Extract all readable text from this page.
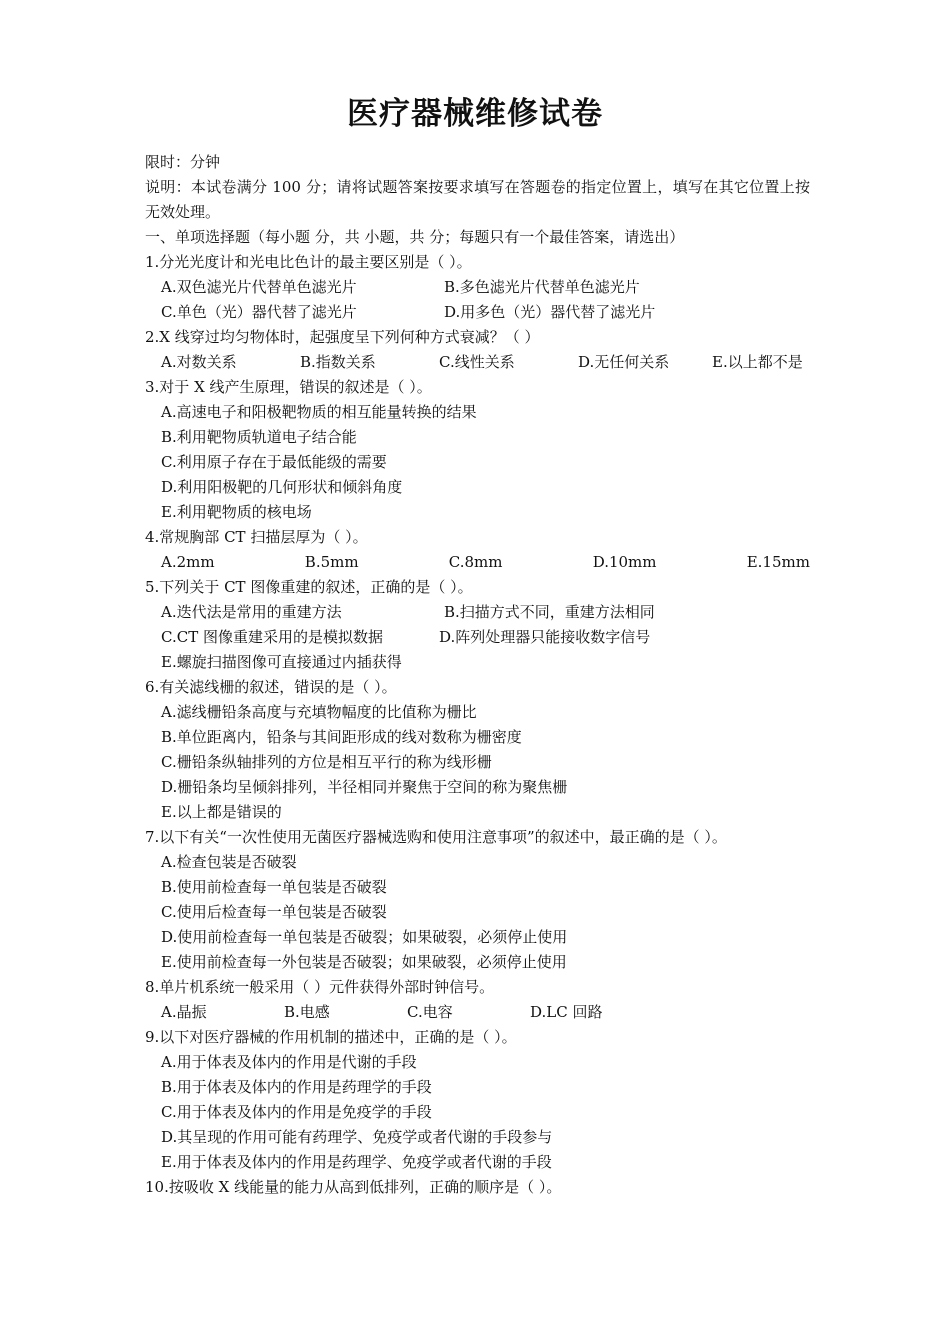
医疗器械维修试卷
限时：分钟
说明：本试卷满分 100 分；请将试题答案按要求填写在答题卷的指定位置上，填写在其它位置上按无效处理。
一、单项选择题（每小题 分，共 小题，共 分；每题只有一个最佳答案，请选出）
1.分光光度计和光电比色计的最主要区别是（ ）。
A.双色滤光片代替单色滤光片	B.多色滤光片代替单色滤光片
C.单色（光）器代替了滤光片	D.用多色（光）器代替了滤光片
2.X 线穿过均匀物体时，起强度呈下列何种方式衰减？（ ）
A.对数关系	B.指数关系	C.线性关系	D.无任何关系	E.以上都不是
3.对于 X 线产生原理，错误的叙述是（ ）。
A.高速电子和阳极靶物质的相互能量转换的结果
B.利用靶物质轨道电子结合能
C.利用原子存在于最低能级的需要
D.利用阳极靶的几何形状和倾斜角度
E.利用靶物质的核电场
4.常规胸部 CT 扫描层厚为（ ）。
A.2mm	B.5mm	C.8mm	D.10mm	E.15mm
5.下列关于 CT 图像重建的叙述，正确的是（ ）。
A.迭代法是常用的重建方法	B.扫描方式不同，重建方法相同
C.CT 图像重建采用的是模拟数据	D.阵列处理器只能接收数字信号
E.螺旋扫描图像可直接通过内插获得
6.有关滤线栅的叙述，错误的是（ ）。
A.滤线栅铅条高度与充填物幅度的比值称为栅比
B.单位距离内，铅条与其间距形成的线对数称为栅密度
C.栅铅条纵轴排列的方位是相互平行的称为线形栅
D.栅铅条均呈倾斜排列，半径相同并聚焦于空间的称为聚焦栅
E.以上都是错误的
7.以下有关“一次性使用无菌医疗器械选购和使用注意事项”的叙述中，最正确的是（ ）。
A.检查包装是否破裂
B.使用前检查每一单包装是否破裂
C.使用后检查每一单包装是否破裂
D.使用前检查每一单包装是否破裂；如果破裂，必须停止使用
E.使用前检查每一外包装是否破裂；如果破裂，必须停止使用
8.单片机系统一般采用（ ）元件获得外部时钟信号。
A.晶振	B.电感	C.电容	D.LC 回路
9.以下对医疗器械的作用机制的描述中，正确的是（ ）。
A.用于体表及体内的作用是代谢的手段
B.用于体表及体内的作用是药理学的手段
C.用于体表及体内的作用是免疫学的手段
D.其呈现的作用可能有药理学、免疫学或者代谢的手段参与
E.用于体表及体内的作用是药理学、免疫学或者代谢的手段
10.按吸收 X 线能量的能力从高到低排列，正确的顺序是（ ）。
